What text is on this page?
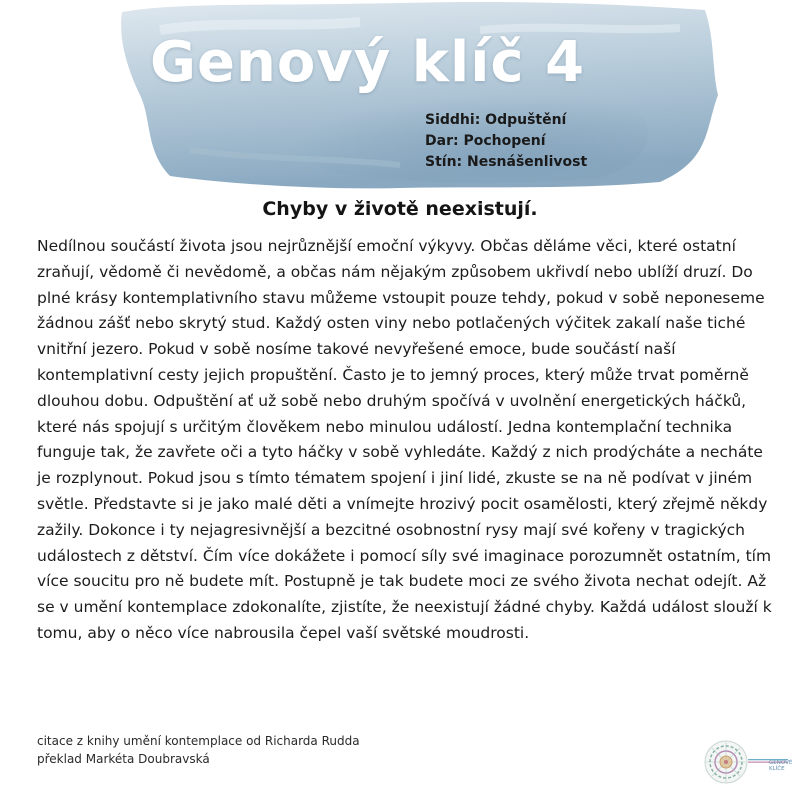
Genový klíč 4
Siddhi: Odpuštění
Dar: Pochopení
Stín: Nesnášenlivost
Chyby v životě neexistují.

Nedílnou součástí života jsou nejrůznější emoční výkyvy. Občas děláme věci, které ostatní zraňují, vědomě či nevědomě, a občas nám nějakým způsobem ukřivdí nebo ublíží druzí. Do plné krásy kontemplativního stavu můžeme vstoupit pouze tehdy, pokud v sobě neponeseme žádnou zášť nebo skrytý stud. Každý osten viny nebo potlačených výčitek zakalí naše tiché vnitřní jezero. Pokud v sobě nosíme takové nevyřešené emoce, bude součástí naší kontemplativní cesty jejich propuštění. Často je to jemný proces, který může trvat poměrně dlouhou dobu. Odpuštění ať už sobě nebo druhým spočívá v uvolnění energetických háčků, které nás spojují s určitým člověkem nebo minulou událostí. Jedna kontemplační technika funguje tak, že zavřete oči a tyto háčky v sobě vyhledáte. Každý z nich prodýcháte a necháte je rozplynout. Pokud jsou s tímto tématem spojení i jiní lidé, zkuste se na ně podívat v jiném světle. Představte si je jako malé děti a vnímejte hrozivý pocit osamělosti, který zřejmě někdy zažily. Dokonce i ty nejagresivnější a bezcitné osobnostní rysy mají své kořeny v tragických událostech z dětství. Čím více dokážete i pomocí síly své imaginace porozumnět ostatním, tím více soucitu pro ně budete mít. Postupně je tak budete moci ze svého života nechat odejít. Až se v umění kontemplace zdokonalíte, zjistíte, že neexistují žádné chyby. Každá událost slouží k tomu, aby o něco více nabrousila čepel vaší světské moudrosti.

citace z knihy umění kontemplace od Richarda Rudda
překlad Markéta Doubravská	GENOVÉ
KLÍČE
